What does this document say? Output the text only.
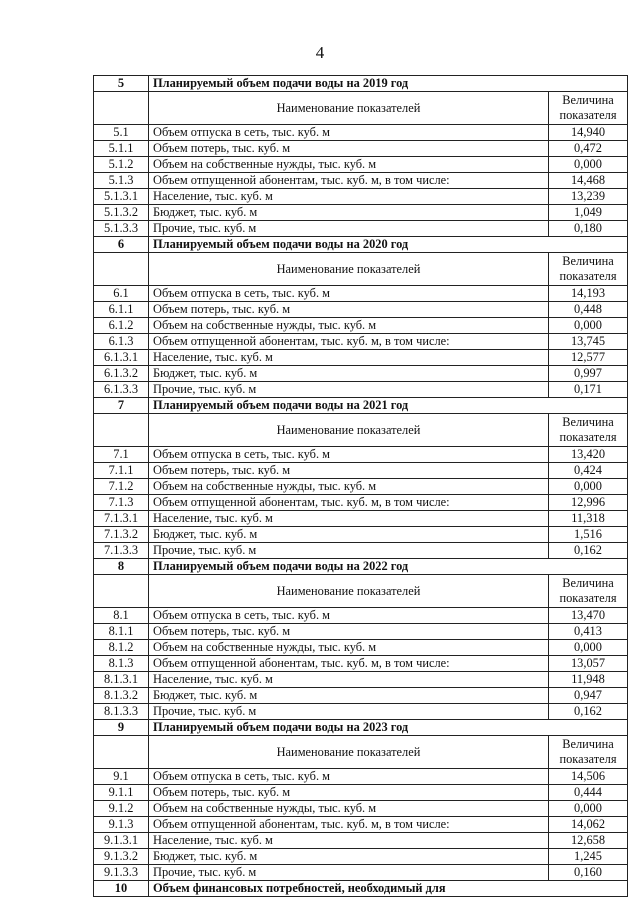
4
5	Планируемый объем подачи воды на 2019 год	
	Наименование показателей	Величина
показателя

5.1	Объем отпуска в сеть, тыс. куб. м	14,940
5.1.1	Объем потерь, тыс. куб. м	0,472
5.1.2	Объем на собственные нужды, тыс. куб. м	0,000
5.1.3	Объем отпущенной абонентам, тыс. куб. м, в том числе:	14,468
5.1.3.1	Население, тыс. куб. м	13,239
5.1.3.2	Бюджет, тыс. куб. м	1,049
5.1.3.3	Прочие, тыс. куб. м	0,180
6	Планируемый объем подачи воды на 2020 год	
	Наименование показателей	Величина
показателя

6.1	Объем отпуска в сеть, тыс. куб. м	14,193
6.1.1	Объем потерь, тыс. куб. м	0,448
6.1.2	Объем на собственные нужды, тыс. куб. м	0,000
6.1.3	Объем отпущенной абонентам, тыс. куб. м, в том числе:	13,745
6.1.3.1	Население, тыс. куб. м	12,577
6.1.3.2	Бюджет, тыс. куб. м	0,997
6.1.3.3	Прочие, тыс. куб. м	0,171
7	Планируемый объем подачи воды на 2021 год	
	Наименование показателей	Величина
показателя

7.1	Объем отпуска в сеть, тыс. куб. м	13,420
7.1.1	Объем потерь, тыс. куб. м	0,424
7.1.2	Объем на собственные нужды, тыс. куб. м	0,000
7.1.3	Объем отпущенной абонентам, тыс. куб. м, в том числе:	12,996
7.1.3.1	Население, тыс. куб. м	11,318
7.1.3.2	Бюджет, тыс. куб. м	1,516
7.1.3.3	Прочие, тыс. куб. м	0,162
8	Планируемый объем подачи воды на 2022 год	
	Наименование показателей	Величина
показателя

8.1	Объем отпуска в сеть, тыс. куб. м	13,470
8.1.1	Объем потерь, тыс. куб. м	0,413
8.1.2	Объем на собственные нужды, тыс. куб. м	0,000
8.1.3	Объем отпущенной абонентам, тыс. куб. м, в том числе:	13,057
8.1.3.1	Население, тыс. куб. м	11,948
8.1.3.2	Бюджет, тыс. куб. м	0,947
8.1.3.3	Прочие, тыс. куб. м	0,162
9	Планируемый объем подачи воды на 2023 год	
	Наименование показателей	Величина
показателя

9.1	Объем отпуска в сеть, тыс. куб. м	14,506
9.1.1	Объем потерь, тыс. куб. м	0,444
9.1.2	Объем на собственные нужды, тыс. куб. м	0,000
9.1.3	Объем отпущенной абонентам, тыс. куб. м, в том числе:	14,062
9.1.3.1	Население, тыс. куб. м	12,658
9.1.3.2	Бюджет, тыс. куб. м	1,245
9.1.3.3	Прочие, тыс. куб. м	0,160
10	Объем финансовых потребностей, необходимый для	
